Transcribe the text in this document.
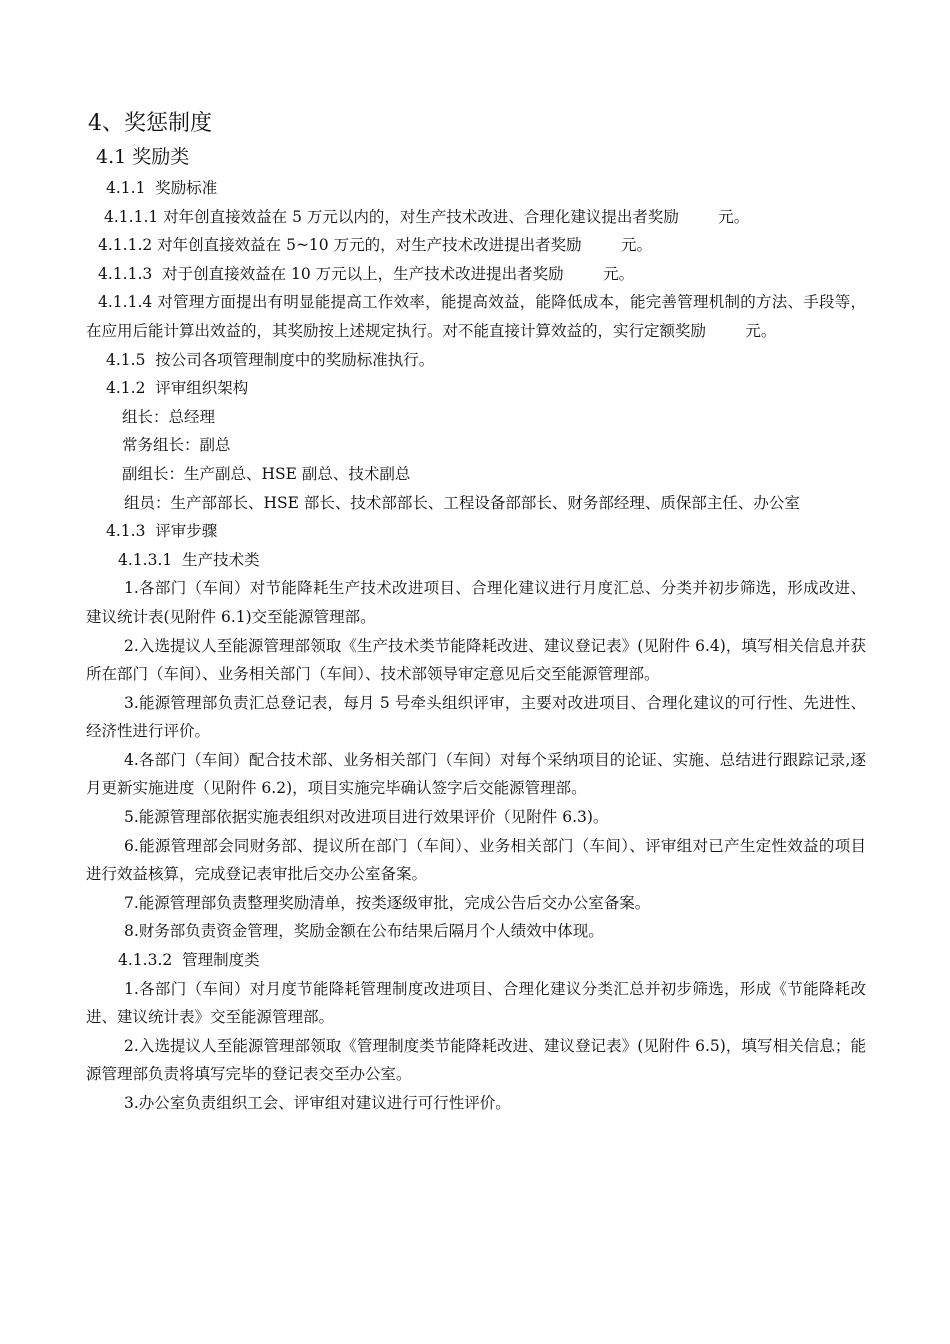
4、奖惩制度
4.1 奖励类

4.1.1  奖励标准

4.1.1.1 对年创直接效益在 5 万元以内的，对生产技术改进、合理化建议提出者奖励        元。

4.1.1.2 对年创直接效益在 5~10 万元的，对生产技术改进提出者奖励        元。

4.1.1.3  对于创直接效益在 10 万元以上，生产技术改进提出者奖励        元。

4.1.1.4 对管理方面提出有明显能提高工作效率，能提高效益，能降低成本，能完善管理机制的方法、手段等，在应用后能计算出效益的，其奖励按上述规定执行。对不能直接计算效益的，实行定额奖励        元。

4.1.5  按公司各项管理制度中的奖励标准执行。

4.1.2  评审组织架构

组长：总经理

常务组长：副总

副组长：生产副总、HSE 副总、技术副总

组员：生产部部长、HSE 部长、技术部部长、工程设备部部长、财务部经理、质保部主任、办公室

4.1.3  评审步骤

4.1.3.1  生产技术类

1.各部门（车间）对节能降耗生产技术改进项目、合理化建议进行月度汇总、分类并初步筛选，形成改进、建议统计表(见附件 6.1)交至能源管理部。

2.入选提议人至能源管理部领取《生产技术类节能降耗改进、建议登记表》(见附件 6.4)，填写相关信息并获所在部门（车间）、业务相关部门（车间）、技术部领导审定意见后交至能源管理部。

3.能源管理部负责汇总登记表，每月 5 号牵头组织评审，主要对改进项目、合理化建议的可行性、先进性、经济性进行评价。

4.各部门（车间）配合技术部、业务相关部门（车间）对每个采纳项目的论证、实施、总结进行跟踪记录,逐月更新实施进度（见附件 6.2)，项目实施完毕确认签字后交能源管理部。

5.能源管理部依据实施表组织对改进项目进行效果评价（见附件 6.3)。

6.能源管理部会同财务部、提议所在部门（车间）、业务相关部门（车间）、评审组对已产生定性效益的项目进行效益核算，完成登记表审批后交办公室备案。

7.能源管理部负责整理奖励清单，按类逐级审批，完成公告后交办公室备案。

8.财务部负责资金管理，奖励金额在公布结果后隔月个人绩效中体现。

4.1.3.2  管理制度类

1.各部门（车间）对月度节能降耗管理制度改进项目、合理化建议分类汇总并初步筛选，形成《节能降耗改进、建议统计表》交至能源管理部。

2.入选提议人至能源管理部领取《管理制度类节能降耗改进、建议登记表》(见附件 6.5)，填写相关信息；能源管理部负责将填写完毕的登记表交至办公室。

3.办公室负责组织工会、评审组对建议进行可行性评价。
